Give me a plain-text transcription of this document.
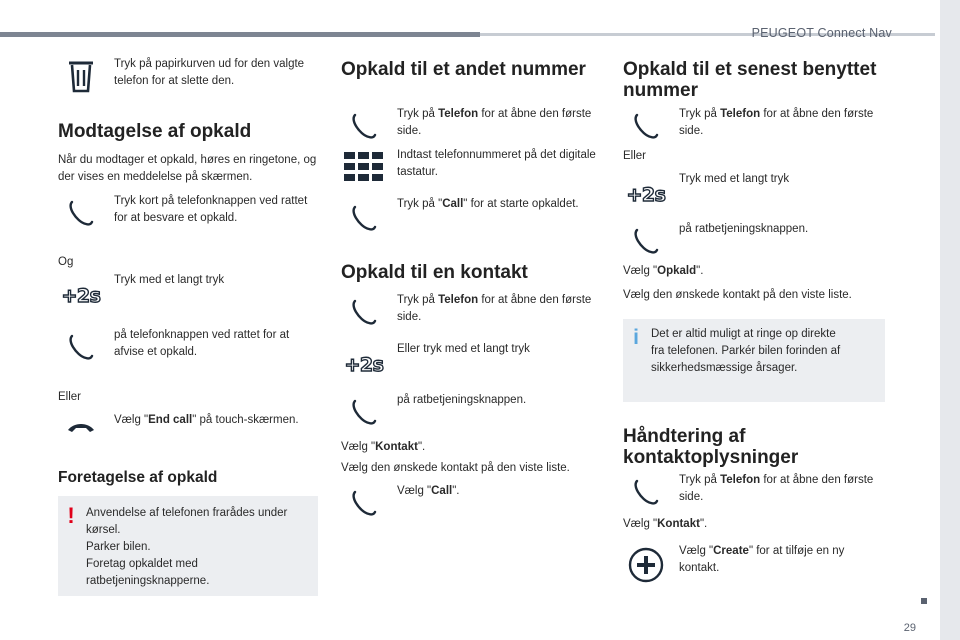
PEUGEOT Connect Nav
29
Tryk på papirkurven ud for den valgte telefon for at slette den.
Modtagelse af opkald
Når du modtager et opkald, høres en ringetone, og der vises en meddelelse på skærmen.
Tryk kort på telefonknappen ved rattet for at besvare et opkald.
Og
+2s
Tryk med et langt tryk
på telefonknappen ved rattet for at afvise et opkald.
Eller
Vælg "End call" på touch-skærmen.
Foretagelse af opkald
! Anvendelse af telefonen frarådes under
kørsel.
Parker bilen.
Foretag opkaldet med
ratbetjeningsknapperne.
Opkald til et andet nummer
Tryk på Telefon for at åbne den første side.
Indtast telefonnummeret på det digitale tastatur.
Tryk på "Call" for at starte opkaldet.
Opkald til en kontakt
Tryk på Telefon for at åbne den første side.
+2s
Eller tryk med et langt tryk
på ratbetjeningsknappen.
Vælg "Kontakt".
Vælg den ønskede kontakt på den viste liste.
Vælg "Call".
Opkald til et senest benyttet
nummer
Tryk på Telefon for at åbne den første side.
Eller
+2s
Tryk med et langt tryk
på ratbetjeningsknappen.
Vælg "Opkald".
Vælg den ønskede kontakt på den viste liste.
i Det er altid muligt at ringe op direkte
fra telefonen. Parkér bilen forinden af
sikkerhedsmæssige årsager.
Håndtering af
kontaktoplysninger
Tryk på Telefon for at åbne den første side.
Vælg "Kontakt".
Vælg "Create" for at tilføje en ny kontakt.
